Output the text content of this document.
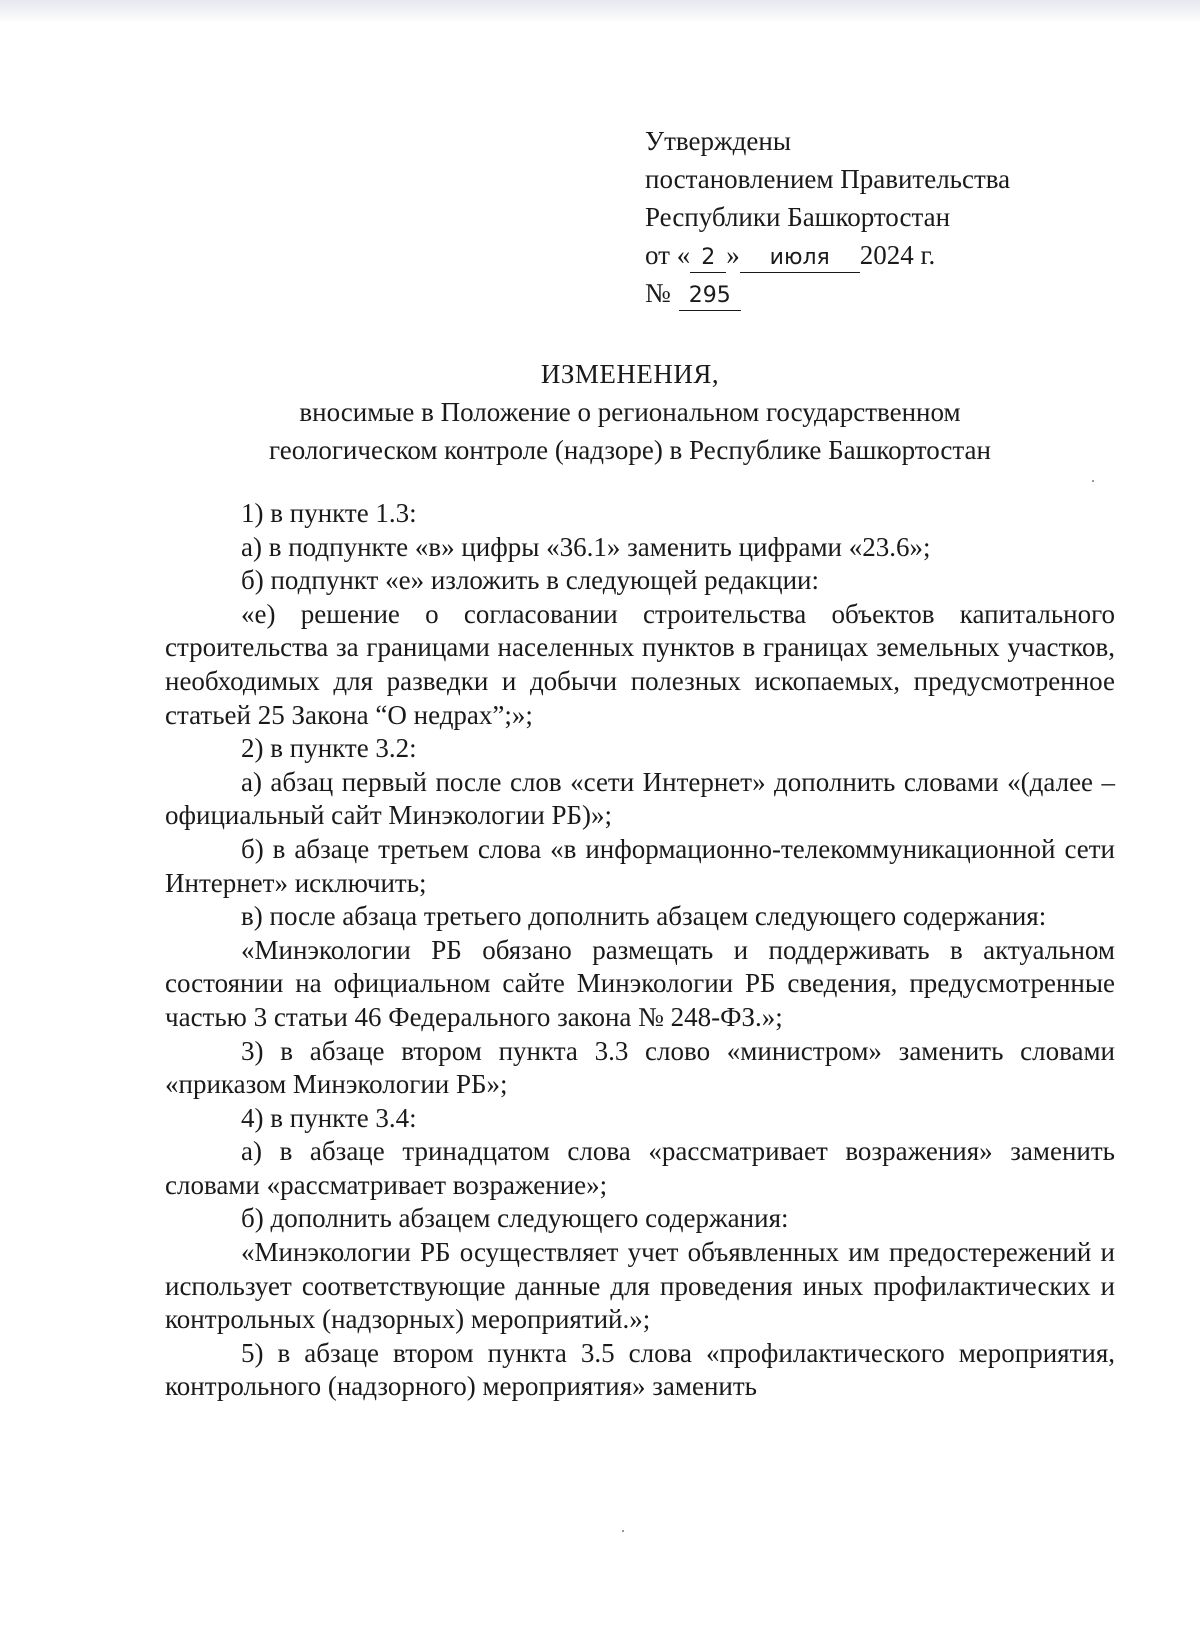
Утверждены
постановлением Правительства
Республики Башкортостан
от « 2 » июля 2024 г.
№ 295
ИЗМЕНЕНИЯ,
вносимые в Положение о региональном государственном
геологическом контроле (надзоре) в Республике Башкортостан

1) в пункте 1.3:

а) в подпункте «в» цифры «36.1» заменить цифрами «23.6»;

б) подпункт «е» изложить в следующей редакции:

«е) решение о согласовании строительства объектов капитального строительства за границами населенных пунктов в границах земельных участков, необходимых для разведки и добычи полезных ископаемых, предусмотренное статьей 25 Закона “О недрах”;»;

2) в пункте 3.2:

а) абзац первый после слов «сети Интернет» дополнить словами «(далее – официальный сайт Минэкологии РБ)»;

б) в абзаце третьем слова «в информационно-телекоммуникационной сети Интернет» исключить;

в) после абзаца третьего дополнить абзацем следующего содержания:

«Минэкологии РБ обязано размещать и поддерживать в актуальном состоянии на официальном сайте Минэкологии РБ сведения, предусмотренные частью 3 статьи 46 Федерального закона № 248-ФЗ.»;

3) в абзаце втором пункта 3.3 слово «министром» заменить словами «приказом Минэкологии РБ»;

4) в пункте 3.4:

а) в абзаце тринадцатом слова «рассматривает возражения» заменить словами «рассматривает возражение»;

б) дополнить абзацем следующего содержания:

«Минэкологии РБ осуществляет учет объявленных им предостережений и использует соответствующие данные для проведения иных профилактических и контрольных (надзорных) мероприятий.»;

5) в абзаце втором пункта 3.5 слова «профилактического мероприятия, контрольного (надзорного) мероприятия» заменить
